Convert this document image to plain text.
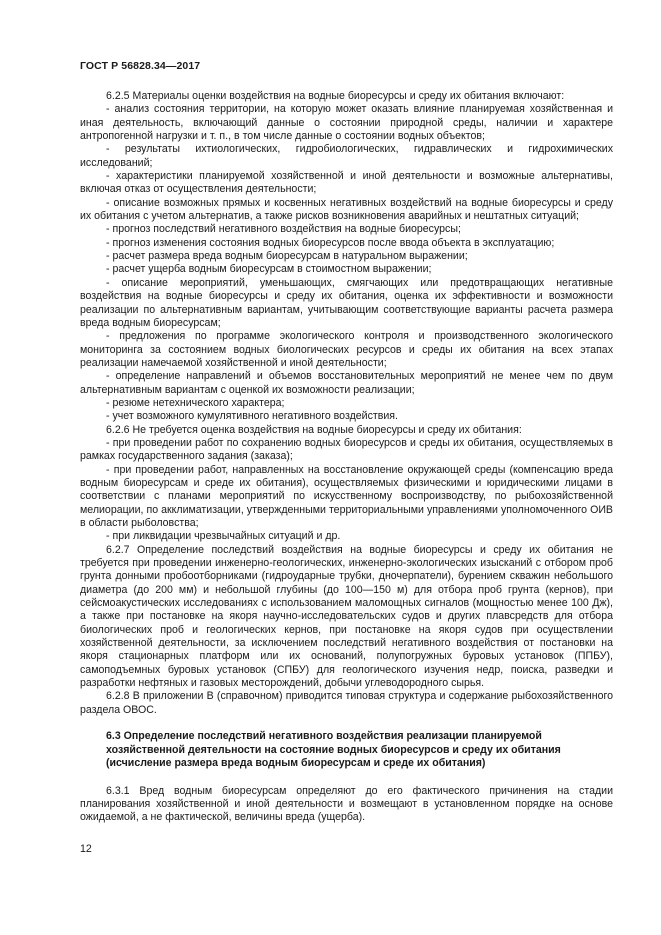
ГОСТ Р 56828.34—2017

6.2.5 Материалы оценки воздействия на водные биоресурсы и среду их обитания включают:

- анализ состояния территории, на которую может оказать влияние планируемая хозяйственная и иная деятельность, включающий данные о состоянии природной среды, наличии и характере антропогенной нагрузки и т. п., в том числе данные о состоянии водных объектов;

- результаты ихтиологических, гидробиологических, гидравлических и гидрохимических исследований;

- характеристики планируемой хозяйственной и иной деятельности и возможные альтернативы, включая отказ от осуществления деятельности;

- описание возможных прямых и косвенных негативных воздействий на водные биоресурсы и среду их обитания с учетом альтернатив, а также рисков возникновения аварийных и нештатных ситуаций;

- прогноз последствий негативного воздействия на водные биоресурсы;

- прогноз изменения состояния водных биоресурсов после ввода объекта в эксплуатацию;

- расчет размера вреда водным биоресурсам в натуральном выражении;

- расчет ущерба водным биоресурсам в стоимостном выражении;

- описание мероприятий, уменьшающих, смягчающих или предотвращающих негативные воздействия на водные биоресурсы и среду их обитания, оценка их эффективности и возможности реализации по альтернативным вариантам, учитывающим соответствующие варианты расчета размера вреда водным биоресурсам;

- предложения по программе экологического контроля и производственного экологического мониторинга за состоянием водных биологических ресурсов и среды их обитания на всех этапах реализации намечаемой хозяйственной и иной деятельности;

- определение направлений и объемов восстановительных мероприятий не менее чем по двум альтернативным вариантам с оценкой их возможности реализации;

- резюме нетехнического характера;

- учет возможного кумулятивного негативного воздействия.

6.2.6 Не требуется оценка воздействия на водные биоресурсы и среду их обитания:

- при проведении работ по сохранению водных биоресурсов и среды их обитания, осуществляемых в рамках государственного задания (заказа);

- при проведении работ, направленных на восстановление окружающей среды (компенсацию вреда водным биоресурсам и среде их обитания), осуществляемых физическими и юридическими лицами в соответствии с планами мероприятий по искусственному воспроизводству, по рыбохозяйственной мелиорации, по акклиматизации, утвержденными территориальными управлениями уполномоченного ОИВ в области рыболовства;

- при ликвидации чрезвычайных ситуаций и др.

6.2.7 Определение последствий воздействия на водные биоресурсы и среду их обитания не требуется при проведении инженерно-геологических, инженерно-экологических изысканий с отбором проб грунта донными пробоотборниками (гидроударные трубки, дночерпатели), бурением скважин небольшого диаметра (до 200 мм) и небольшой глубины (до 100—150 м) для отбора проб грунта (кернов), при сейсмоакустических исследованиях с использованием маломощных сигналов (мощностью менее 100 Дж), а также при постановке на якоря научно-исследовательских судов и других плавсредств для отбора биологических проб и геологических кернов, при постановке на якоря судов при осуществлении хозяйственной деятельности, за исключением последствий негативного воздействия от постановки на якоря стационарных платформ или их оснований, полупогружных буровых установок (ППБУ), самоподъемных буровых установок (СПБУ) для геологического изучения недр, поиска, разведки и разработки нефтяных и газовых месторождений, добычи углеводородного сырья.

6.2.8 В приложении В (справочном) приводится типовая структура и содержание рыбохозяйственного раздела ОВОС.

6.3 Определение последствий негативного воздействия реализации планируемой хозяйственной деятельности на состояние водных биоресурсов и среду их обитания (исчисление размера вреда водным биоресурсам и среде их обитания)

6.3.1 Вред водным биоресурсам определяют до его фактического причинения на стадии планирования хозяйственной и иной деятельности и возмещают в установленном порядке на основе ожидаемой, а не фактической, величины вреда (ущерба).

12
